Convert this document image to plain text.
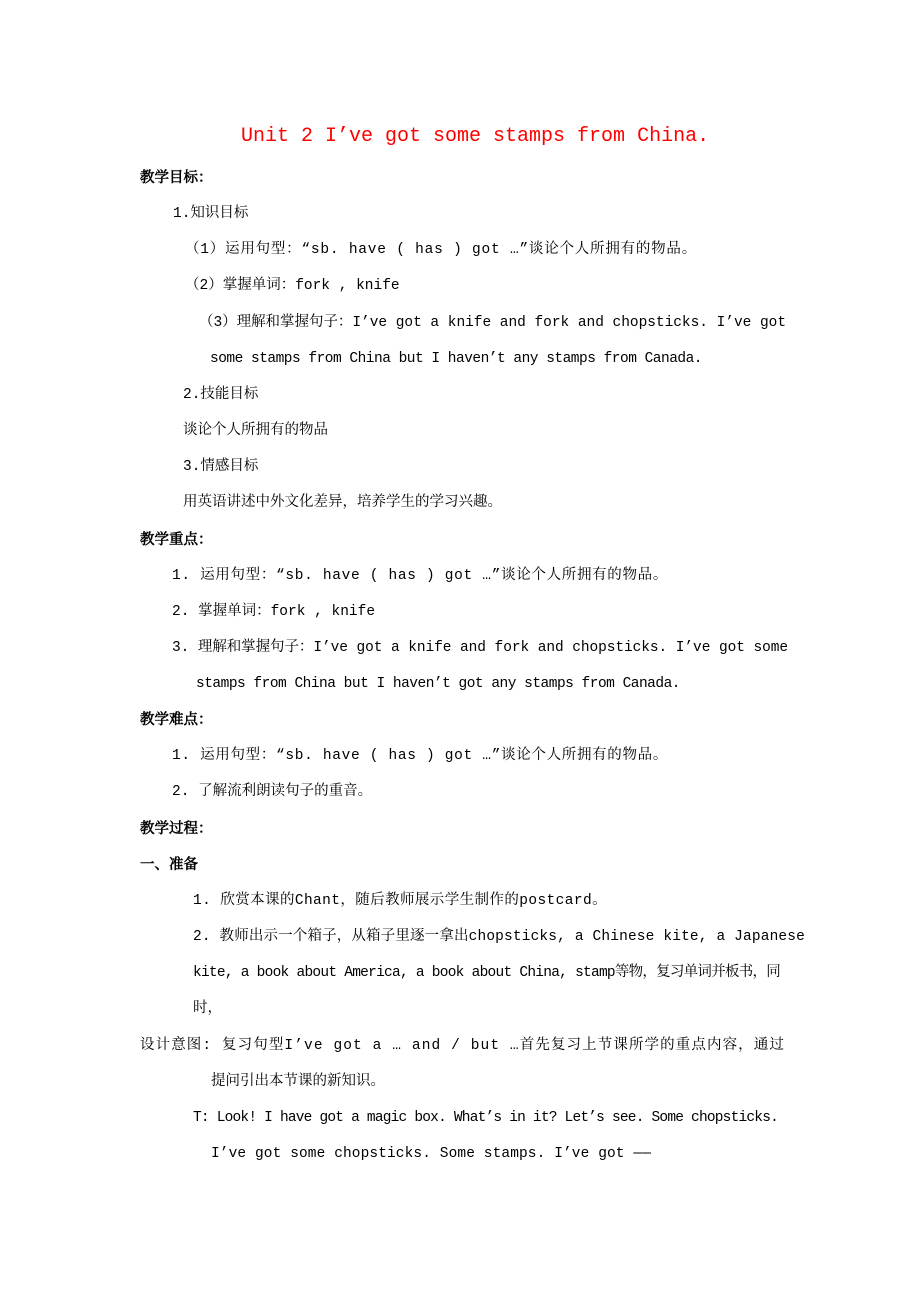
Unit 2 I’ve got some stamps from China.
教学目标：
1.知识目标
（1）运用句型：“sb. have ( has ) got …”谈论个人所拥有的物品。
（2）掌握单词：fork , knife
（3）理解和掌握句子：I’ve got a knife and fork and chopsticks. I’ve got
some stamps from China but I haven’t any stamps from Canada.
2.技能目标
谈论个人所拥有的物品
3.情感目标
用英语讲述中外文化差异，培养学生的学习兴趣。
教学重点：
1. 运用句型：“sb. have ( has ) got …”谈论个人所拥有的物品。
2. 掌握单词：fork , knife
3. 理解和掌握句子：I’ve got a knife and fork and chopsticks. I’ve got some
stamps from China but I haven’t got any stamps from Canada.
教学难点：
1. 运用句型：“sb. have ( has ) got …”谈论个人所拥有的物品。
2. 了解流利朗读句子的重音。
教学过程：
一、准备
1. 欣赏本课的Chant，随后教师展示学生制作的postcard。
2. 教师出示一个箱子，从箱子里逐一拿出chopsticks, a Chinese kite, a Japanese
kite, a book about America, a book about China, stamp等物，复习单词并板书，同
时，
设计意图: 复习句型I’ve got a … and / but …首先复习上节课所学的重点内容，通过
提问引出本节课的新知识。
T: Look! I have got a magic box. What’s in it? Let’s see. Some chopsticks.
I’ve got some chopsticks. Some stamps. I’ve got ——
